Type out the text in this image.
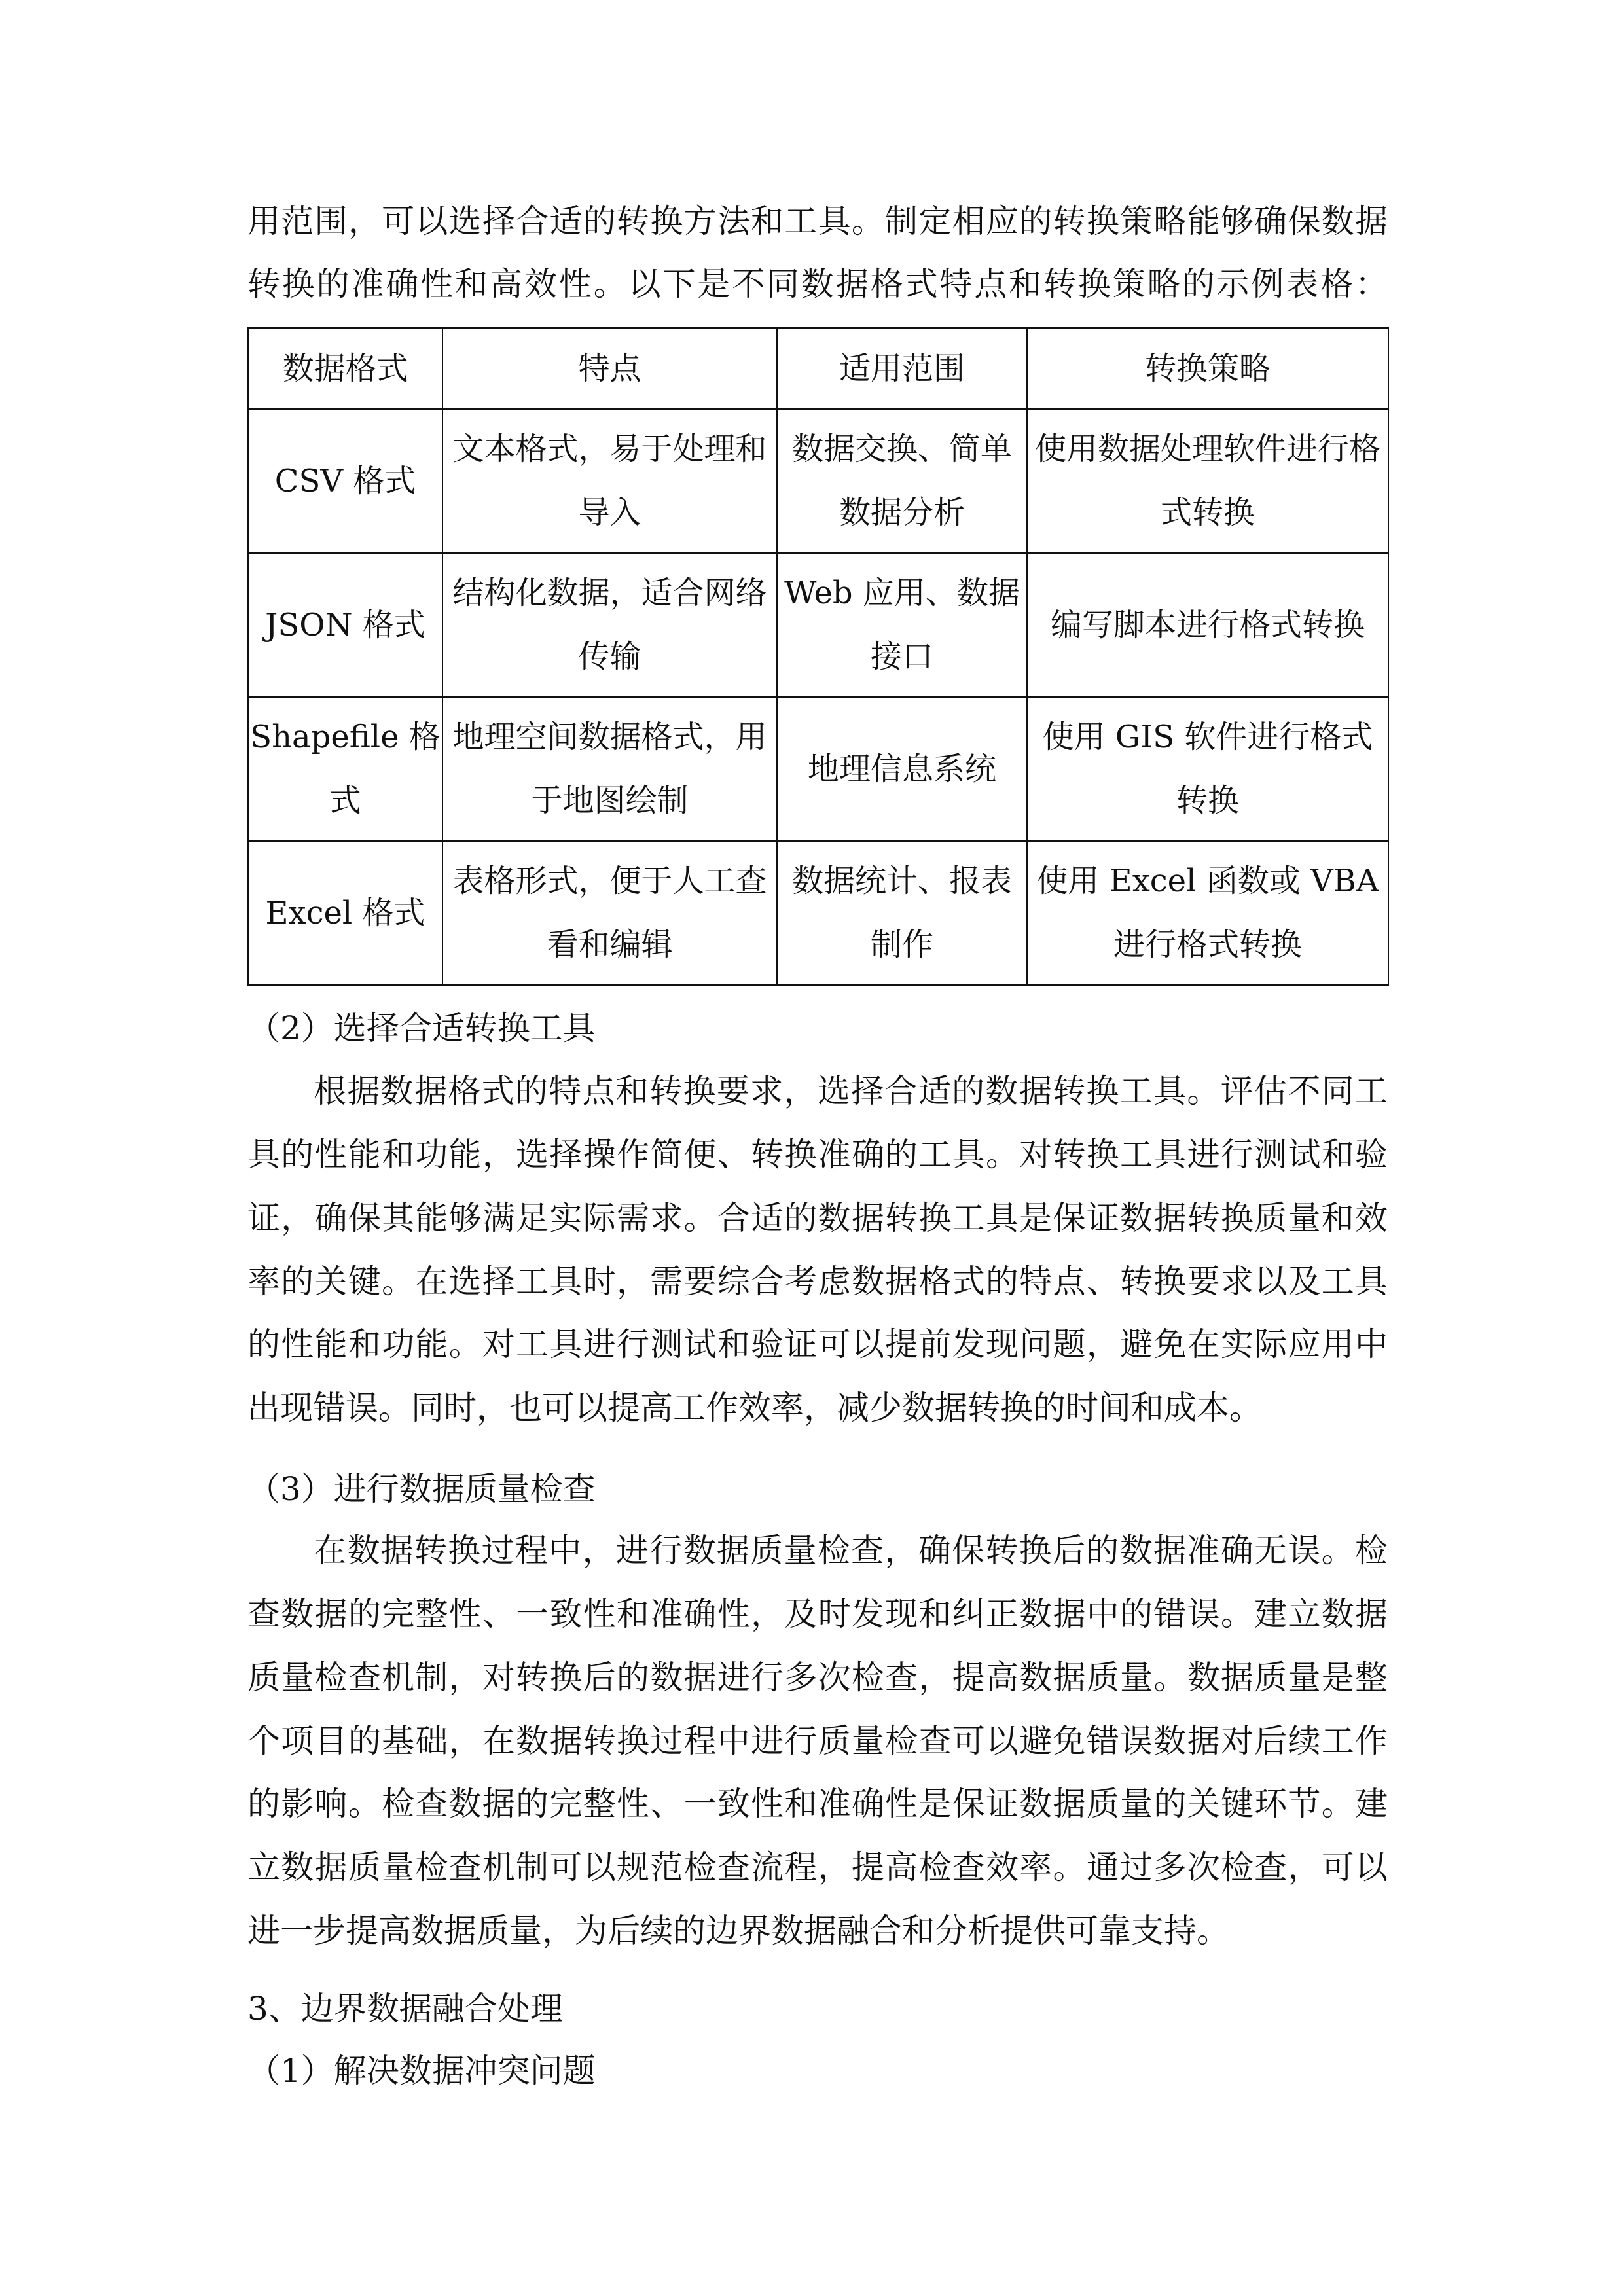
用范围，可以选择合适的转换方法和工具。制定相应的转换策略能够确保数据
转换的准确性和高效性。以下是不同数据格式特点和转换策略的示例表格：
数据格式	特点	适用范围	转换策略
CSV 格式	文本格式，易于处理和导入	数据交换、简单数据分析	使用数据处理软件进行格式转换
JSON 格式	结构化数据，适合网络传输	Web 应用、数据接口	编写脚本进行格式转换
Shapefile 格式	地理空间数据格式，用于地图绘制	地理信息系统	使用 GIS 软件进行格式转换
Excel 格式	表格形式，便于人工查看和编辑	数据统计、报表制作	使用 Excel 函数或 VBA 进行格式转换
（2）选择合适转换工具
根据数据格式的特点和转换要求，选择合适的数据转换工具。评估不同工
具的性能和功能，选择操作简便、转换准确的工具。对转换工具进行测试和验
证，确保其能够满足实际需求。合适的数据转换工具是保证数据转换质量和效
率的关键。在选择工具时，需要综合考虑数据格式的特点、转换要求以及工具
的性能和功能。对工具进行测试和验证可以提前发现问题，避免在实际应用中
出现错误。同时，也可以提高工作效率，减少数据转换的时间和成本。
（3）进行数据质量检查
在数据转换过程中，进行数据质量检查，确保转换后的数据准确无误。检
查数据的完整性、一致性和准确性，及时发现和纠正数据中的错误。建立数据
质量检查机制，对转换后的数据进行多次检查，提高数据质量。数据质量是整
个项目的基础，在数据转换过程中进行质量检查可以避免错误数据对后续工作
的影响。检查数据的完整性、一致性和准确性是保证数据质量的关键环节。建
立数据质量检查机制可以规范检查流程，提高检查效率。通过多次检查，可以
进一步提高数据质量，为后续的边界数据融合和分析提供可靠支持。
3、边界数据融合处理
（1）解决数据冲突问题
